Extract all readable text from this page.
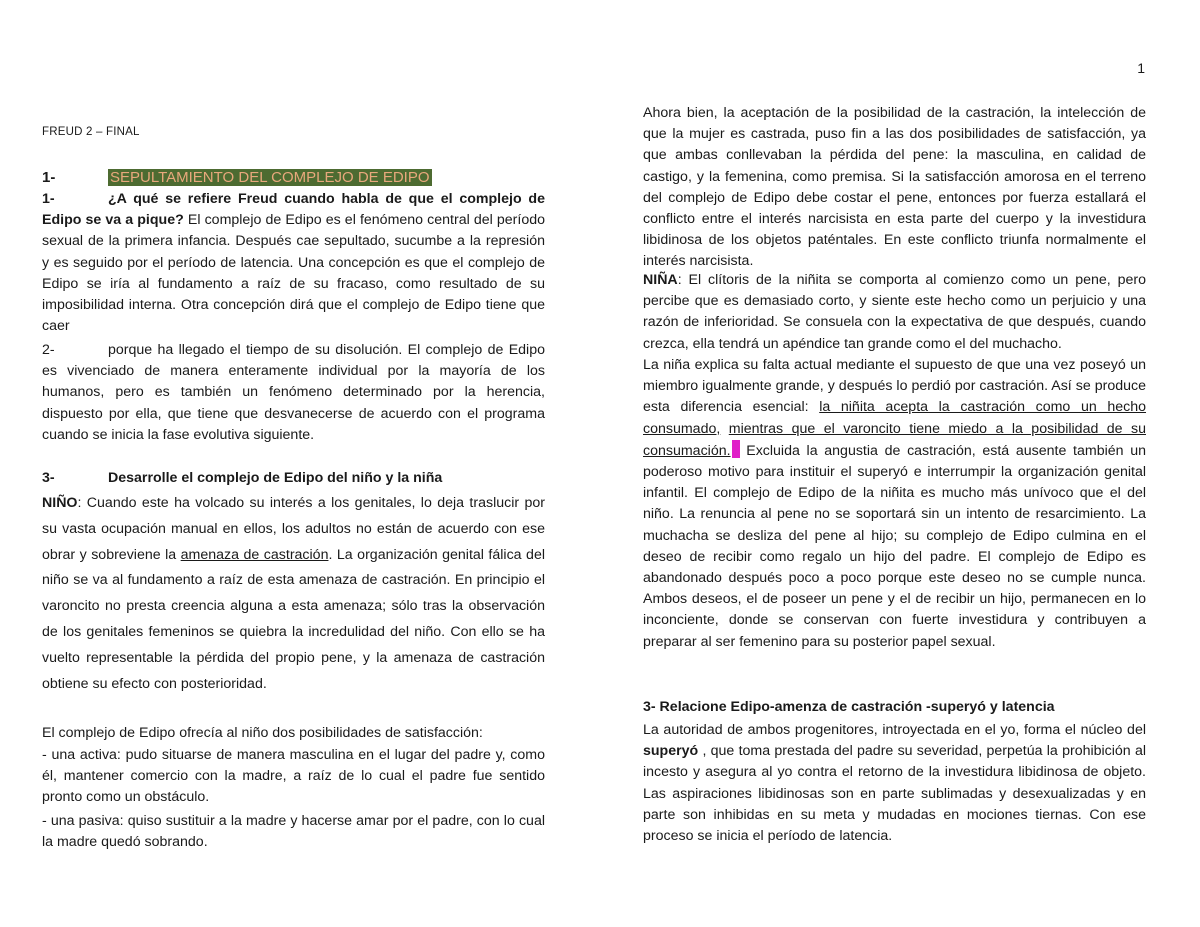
1
FREUD 2 – FINAL

1-	SEPULTAMIENTO DEL COMPLEJO DE EDIPO

1-	¿A qué se refiere Freud cuando habla de que el complejo de Edipo se va a pique? El complejo de Edipo es el fenómeno central del período sexual de la primera infancia. Después cae sepultado, sucumbe a la represión y es seguido por el período de latencia. Una concepción es que el complejo de Edipo se iría al fundamento a raíz de su fracaso, como resultado de su imposibilidad interna. Otra concepción dirá que el complejo de Edipo tiene que caer

2-	porque ha llegado el tiempo de su disolución. El complejo de Edipo es vivenciado de manera enteramente individual por la mayoría de los humanos, pero es también un fenómeno determinado por la herencia, dispuesto por ella, que tiene que desvanecerse de acuerdo con el programa cuando se inicia la fase evolutiva siguiente.

3-	Desarrolle el complejo de Edipo del niño y la niña

NIÑO: Cuando este ha volcado su interés a los genitales, lo deja traslucir por su vasta ocupación manual en ellos, los adultos no están de acuerdo con ese obrar y sobreviene la amenaza de castración. La organización genital fálica del niño se va al fundamento a raíz de esta amenaza de castración. En principio el varoncito no presta creencia alguna a esta amenaza; sólo tras la observación de los genitales femeninos se quiebra la incredulidad del niño. Con ello se ha vuelto representable la pérdida del propio pene, y la amenaza de castración obtiene su efecto con posterioridad.

El complejo de Edipo ofrecía al niño dos posibilidades de satisfacción:

- una activa: pudo situarse de manera masculina en el lugar del padre y, como él, mantener comercio con la madre, a raíz de lo cual el padre fue sentido pronto como un obstáculo.

- una pasiva: quiso sustituir a la madre y hacerse amar por el padre, con lo cual la madre quedó sobrando.

Ahora bien, la aceptación de la posibilidad de la castración, la intelección de que la mujer es castrada, puso fin a las dos posibilidades de satisfacción, ya que ambas conllevaban la pérdida del pene: la masculina, en calidad de castigo, y la femenina, como premisa. Si la satisfacción amorosa en el terreno del complejo de Edipo debe costar el pene, entonces por fuerza estallará el conflicto entre el interés narcisista en esta parte del cuerpo y la investidura libidinosa de los objetos paténtales. En este conflicto triunfa normalmente el interés narcisista.

NIÑA: El clítoris de la niñita se comporta al comienzo como un pene, pero percibe que es demasiado corto, y siente este hecho como un perjuicio y una razón de inferioridad. Se consuela con la expectativa de que después, cuando crezca, ella tendrá un apéndice tan grande como el del muchacho.

La niña explica su falta actual mediante el supuesto de que una vez poseyó un miembro igualmente grande, y después lo perdió por castración. Así se produce esta diferencia esencial: la niñita acepta la castración como un hecho consumado, mientras que el varoncito tiene miedo a la posibilidad de su consumación. Excluida la angustia de castración, está ausente también un poderoso motivo para instituir el superyó e interrumpir la organización genital infantil. El complejo de Edipo de la niñita es mucho más unívoco que el del niño. La renuncia al pene no se soportará sin un intento de resarcimiento. La muchacha se desliza del pene al hijo; su complejo de Edipo culmina en el deseo de recibir como regalo un hijo del padre. El complejo de Edipo es abandonado después poco a poco porque este deseo no se cumple nunca. Ambos deseos, el de poseer un pene y el de recibir un hijo, permanecen en lo inconciente, donde se conservan con fuerte investidura y contribuyen a preparar al ser femenino para su posterior papel sexual.

3- Relacione Edipo-amenza de castración -superyó y latencia

La autoridad de ambos progenitores, introyectada en el yo, forma el núcleo del superyó , que toma prestada del padre su severidad, perpetúa la prohibición al incesto y asegura al yo contra el retorno de la investidura libidinosa de objeto. Las aspiraciones libidinosas son en parte sublimadas y desexualizadas y en parte son inhibidas en su meta y mudadas en mociones tiernas. Con ese proceso se inicia el período de latencia.
